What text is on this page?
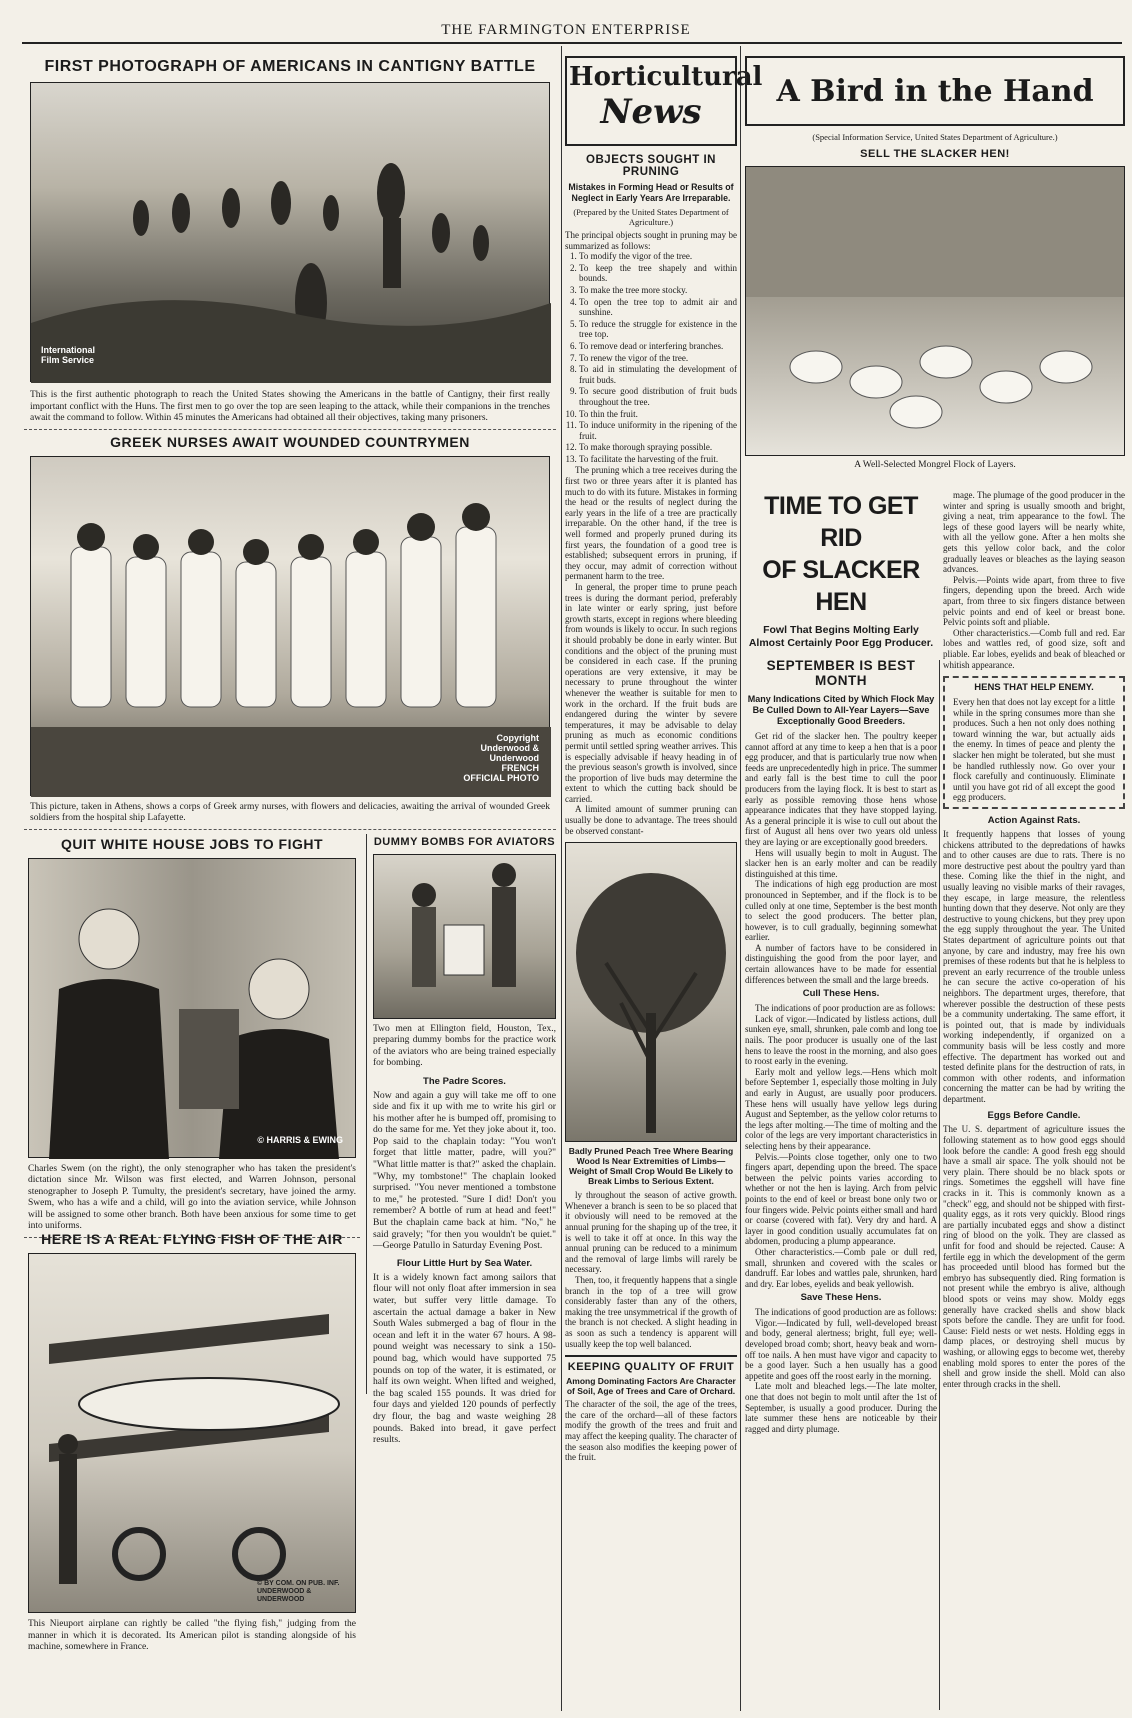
THE FARMINGTON ENTERPRISE
FIRST PHOTOGRAPH OF AMERICANS IN CANTIGNY BATTLE
International Film Service
This is the first authentic photograph to reach the United States showing the Americans in the battle of Cantigny, their first really important conflict with the Huns. The first men to go over the top are seen leaping to the attack, while their companions in the trenches await the command to follow. Within 45 minutes the Americans had obtained all their objectives, taking many prisoners.
GREEK NURSES AWAIT WOUNDED COUNTRYMEN
Copyright Underwood & Underwood FRENCH OFFICIAL PHOTO
This picture, taken in Athens, shows a corps of Greek army nurses, with flowers and delicacies, awaiting the arrival of wounded Greek soldiers from the hospital ship Lafayette.
QUIT WHITE HOUSE JOBS TO FIGHT
© HARRIS & EWING
Charles Swem (on the right), the only stenographer who has taken the president's dictation since Mr. Wilson was first elected, and Warren Johnson, personal stenographer to Joseph P. Tumulty, the president's secretary, have joined the army. Swem, who has a wife and a child, will go into the aviation service, while Johnson will be assigned to some other branch. Both have been anxious for some time to get into uniforms.
DUMMY BOMBS FOR AVIATORS
Two men at Ellington field, Houston, Tex., preparing dummy bombs for the practice work of the aviators who are being trained especially for bombing.
The Padre Scores.
Now and again a guy will take me off to one side and fix it up with me to write his girl or his mother after he is bumped off, promising to do the same for me. Yet they joke about it, too. Pop said to the chaplain today: "You won't forget that little matter, padre, will you?" "What little matter is that?" asked the chaplain. "Why, my tombstone!" The chaplain looked surprised. "You never mentioned a tombstone to me," he protested. "Sure I did! Don't you remember? A bottle of rum at head and feet!" But the chaplain came back at him. "No," he said gravely; "for then you wouldn't be quiet." —George Patullo in Saturday Evening Post.
Flour Little Hurt by Sea Water.
It is a widely known fact among sailors that flour will not only float after immersion in sea water, but suffer very little damage. To ascertain the actual damage a baker in New South Wales submerged a bag of flour in the ocean and left it in the water 67 hours. A 98-pound weight was necessary to sink a 150-pound bag, which would have supported 75 pounds on top of the water, it is estimated, or half its own weight. When lifted and weighed, the bag scaled 155 pounds. It was dried for four days and yielded 120 pounds of perfectly dry flour, the bag and waste weighing 28 pounds. Baked into bread, it gave perfect results.
HERE IS A REAL FLYING FISH OF THE AIR
© BY COM. ON PUB. INF. UNDERWOOD & UNDERWOOD
This Nieuport airplane can rightly be called "the flying fish," judging from the manner in which it is decorated. Its American pilot is standing alongside of his machine, somewhere in France.
Horticultural
News
OBJECTS SOUGHT IN PRUNING
Mistakes in Forming Head or Results of Neglect in Early Years Are Irreparable.
(Prepared by the United States Department of Agriculture.)
The principal objects sought in pruning may be summarized as follows:
1. To modify the vigor of the tree.
2. To keep the tree shapely and within bounds.
3. To make the tree more stocky.
4. To open the tree top to admit air and sunshine.
5. To reduce the struggle for existence in the tree top.
6. To remove dead or interfering branches.
7. To renew the vigor of the tree.
8. To aid in stimulating the development of fruit buds.
9. To secure good distribution of fruit buds throughout the tree.
10. To thin the fruit.
11. To induce uniformity in the ripening of the fruit.
12. To make thorough spraying possible.
13. To facilitate the harvesting of the fruit.

The pruning which a tree receives during the first two or three years after it is planted has much to do with its future. Mistakes in forming the head or the results of neglect during the early years in the life of a tree are practically irreparable. On the other hand, if the tree is well formed and properly pruned during its first years, the foundation of a good tree is established; subsequent errors in pruning, if they occur, may admit of correction without permanent harm to the tree.

In general, the proper time to prune peach trees is during the dormant period, preferably in late winter or early spring, just before growth starts, except in regions where bleeding from wounds is likely to occur. In such regions it should probably be done in early winter. But conditions and the object of the pruning must be considered in each case. If the pruning operations are very extensive, it may be necessary to prune throughout the winter whenever the weather is suitable for men to work in the orchard. If the fruit buds are endangered during the winter by severe temperatures, it may be advisable to delay pruning as much as economic conditions permit until settled spring weather arrives. This is especially advisable if heavy heading in of the previous season's growth is involved, since the proportion of live buds may determine the extent to which the cutting back should be carried.

A limited amount of summer pruning can usually be done to advantage. The trees should be observed constant-

Badly Pruned Peach Tree Where Bearing Wood Is Near Extremities of Limbs—Weight of Small Crop Would Be Likely to Break Limbs to Serious Extent.

ly throughout the season of active growth. Whenever a branch is seen to be so placed that it obviously will need to be removed at the annual pruning for the shaping up of the tree, it is well to take it off at once. In this way the annual pruning can be reduced to a minimum and the removal of large limbs will rarely be necessary.

Then, too, it frequently happens that a single branch in the top of a tree will grow considerably faster than any of the others, making the tree unsymmetrical if the growth of the branch is not checked. A slight heading in as soon as such a tendency is apparent will usually keep the top well balanced.

KEEPING QUALITY OF FRUIT
Among Dominating Factors Are Character of Soil, Age of Trees and Care of Orchard.
The character of the soil, the age of the trees, the care of the orchard—all of these factors modify the growth of the trees and fruit and may affect the keeping quality. The character of the season also modifies the keeping power of the fruit.
A Bird in the Hand
(Special Information Service, United States Department of Agriculture.)
SELL THE SLACKER HEN!
A Well-Selected Mongrel Flock of Layers.
TIME TO GET RID
OF SLACKER HEN
Fowl That Begins Molting Early Almost Certainly Poor Egg Producer.
SEPTEMBER IS BEST MONTH
Many Indications Cited by Which Flock May Be Culled Down to All-Year Layers—Save Exceptionally Good Breeders.

Get rid of the slacker hen. The poultry keeper cannot afford at any time to keep a hen that is a poor egg producer, and that is particularly true now when feeds are unprecedentedly high in price. The summer and early fall is the best time to cull the poor producers from the laying flock. It is best to start as early as possible removing those hens whose appearance indicates that they have stopped laying. As a general principle it is wise to cull out about the first of August all hens over two years old unless they are laying or are exceptionally good breeders.

Hens will usually begin to molt in August. The slacker hen is an early molter and can be readily distinguished at this time.

The indications of high egg production are most pronounced in September, and if the flock is to be culled only at one time, September is the best month to select the good producers. The better plan, however, is to cull gradually, beginning somewhat earlier.

A number of factors have to be considered in distinguishing the good from the poor layer, and certain allowances have to be made for essential differences between the small and the large breeds.

Cull These Hens.

The indications of poor production are as follows:

Lack of vigor.—Indicated by listless actions, dull sunken eye, small, shrunken, pale comb and long toe nails. The poor producer is usually one of the last hens to leave the roost in the morning, and also goes to roost early in the evening.

Early molt and yellow legs.—Hens which molt before September 1, especially those molting in July and early in August, are usually poor producers. These hens will usually have yellow legs during August and September, as the yellow color returns to the legs after molting.—The time of molting and the color of the legs are very important characteristics in selecting hens by their appearance.

Pelvis.—Points close together, only one to two fingers apart, depending upon the breed. The space between the pelvic points varies according to whether or not the hen is laying. Arch from pelvic points to the end of keel or breast bone only two or four fingers wide. Pelvic points either small and hard or coarse (covered with fat). Very dry and hard. A layer in good condition usually accumulates fat on abdomen, producing a plump appearance.

Other characteristics.—Comb pale or dull red, small, shrunken and covered with the scales or dandruff. Ear lobes and wattles pale, shrunken, hard and dry. Ear lobes, eyelids and beak yellowish.

Save These Hens.

The indications of good production are as follows:

Vigor.—Indicated by full, well-developed breast and body, general alertness; bright, full eye; well-developed broad comb; short, heavy beak and worn-off toe nails. A hen must have vigor and capacity to be a good layer. Such a hen usually has a good appetite and goes off the roost early in the morning.

Late molt and bleached legs.—The late molter, one that does not begin to molt until after the 1st of September, is usually a good producer. During the late summer these hens are noticeable by their ragged and dirty plumage.

mage. The plumage of the good producer in the winter and spring is usually smooth and bright, giving a neat, trim appearance to the fowl. The legs of these good layers will be nearly white, with all the yellow gone. After a hen molts she gets this yellow color back, and the color gradually leaves or bleaches as the laying season advances.

Pelvis.—Points wide apart, from three to five fingers, depending upon the breed. Arch wide apart, from three to six fingers distance between pelvic points and end of keel or breast bone. Pelvic points soft and pliable.

Other characteristics.—Comb full and red. Ear lobes and wattles red, of good size, soft and pliable. Ear lobes, eyelids and beak of bleached or whitish appearance.

HENS THAT HELP ENEMY.
Every hen that does not lay except for a little while in the spring consumes more than she produces. Such a hen not only does nothing toward winning the war, but actually aids the enemy. In times of peace and plenty the slacker hen might be tolerated, but she must be handled ruthlessly now. Go over your flock carefully and continuously. Eliminate until you have got rid of all except the good egg producers.
Action Against Rats.
It frequently happens that losses of young chickens attributed to the depredations of hawks and to other causes are due to rats. There is no more destructive pest about the poultry yard than these. Coming like the thief in the night, and usually leaving no visible marks of their ravages, they escape, in large measure, the relentless hunting down that they deserve. Not only are they destructive to young chickens, but they prey upon the egg supply throughout the year. The United States department of agriculture points out that anyone, by care and industry, may free his own premises of these rodents but that he is helpless to prevent an early recurrence of the trouble unless he can secure the active co-operation of his neighbors. The department urges, therefore, that wherever possible the destruction of these pests be a community undertaking. The same effort, it is pointed out, that is made by individuals working independently, if organized on a community basis will be less costly and more effective. The department has worked out and tested definite plans for the destruction of rats, in common with other rodents, and information concerning the matter can be had by writing the department.
Eggs Before Candle.
The U. S. department of agriculture issues the following statement as to how good eggs should look before the candle: A good fresh egg should have a small air space. The yolk should not be very plain. There should be no black spots or rings. Sometimes the eggshell will have fine cracks in it. This is commonly known as a "check" egg, and should not be shipped with first-quality eggs, as it rots very quickly. Blood rings are partially incubated eggs and show a distinct ring of blood on the yolk. They are classed as unfit for food and should be rejected. Cause: A fertile egg in which the development of the germ has proceeded until blood has formed but the embryo has subsequently died. Ring formation is not present while the embryo is alive, although blood spots or veins may show. Moldy eggs generally have cracked shells and show black spots before the candle. They are unfit for food. Cause: Field nests or wet nests. Holding eggs in damp places, or destroying shell mucus by washing, or allowing eggs to become wet, thereby enabling mold spores to enter the pores of the shell and grow inside the shell. Mold can also enter through cracks in the shell.
